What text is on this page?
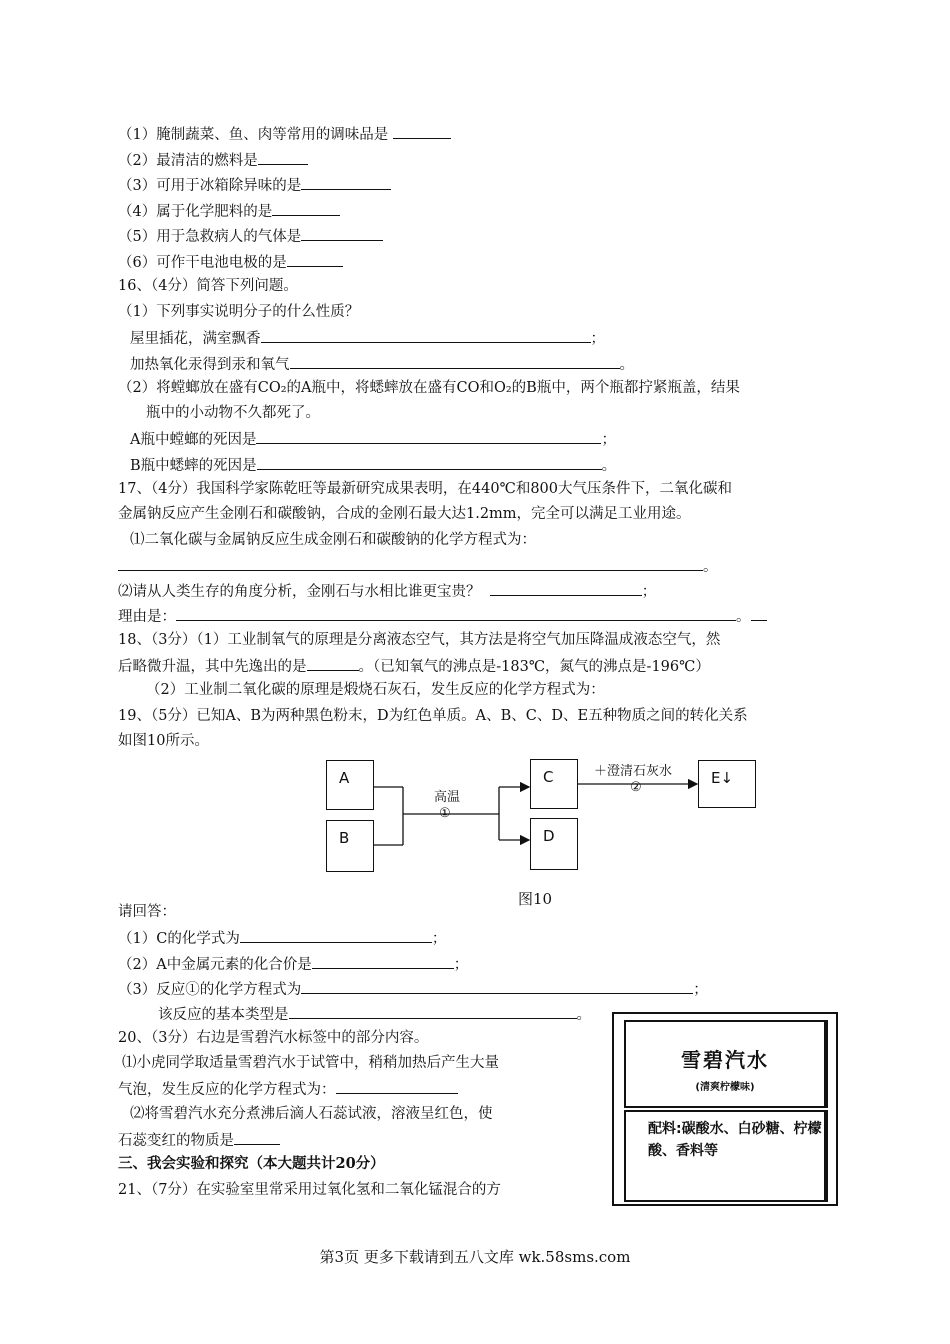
（1）腌制蔬菜、鱼、肉等常用的调味品是
（2）最清洁的燃料是
（3）可用于冰箱除异味的是
（4）属于化学肥料的是
（5）用于急救病人的气体是
（6）可作干电池电极的是
16、（4分）简答下列问题。
（1）下列事实说明分子的什么性质？
屋里插花，满室飘香	；
加热氧化汞得到汞和氧气	。
（2）将螳螂放在盛有CO₂的A瓶中，将蟋蟀放在盛有CO和O₂的B瓶中，两个瓶都拧紧瓶盖，结果
瓶中的小动物不久都死了。
A瓶中螳螂的死因是	；
B瓶中蟋蟀的死因是	。
17、（4分）我国科学家陈乾旺等最新研究成果表明，在440℃和800大气压条件下，二氧化碳和
金属钠反应产生金刚石和碳酸钠，合成的金刚石最大达1.2mm，完全可以满足工业用途。
⑴二氧化碳与金属钠反应生成金刚石和碳酸钠的化学方程式为：
。
⑵请从人类生存的角度分析，金刚石与水相比谁更宝贵？	；
理由是：	。
18、（3分）（1）工业制氧气的原理是分离液态空气，其方法是将空气加压降温成液态空气，然
后略微升温，其中先逸出的是	。（已知氧气的沸点是-183℃，氮气的沸点是-196℃）
（2）工业制二氧化碳的原理是煅烧石灰石，发生反应的化学方程式为：
19、（5分）已知A、B为两种黑色粉末，D为红色单质。A、B、C、D、E五种物质之间的转化关系
如图10所示。
A
B
C
D
E↓
高温
①
＋澄清石灰水
②
图10
请回答：
（1）C的化学式为	；
（2）A中金属元素的化合价是	；
（3）反应①的化学方程式为	；
该反应的基本类型是	。
20、（3分）右边是雪碧汽水标签中的部分内容。
⑴小虎同学取适量雪碧汽水于试管中，稍稍加热后产生大量
气泡，发生反应的化学方程式为：
⑵将雪碧汽水充分煮沸后滴人石蕊试液，溶液呈红色，使
石蕊变红的物质是
雪碧汽水
(清爽柠檬味)
配料:碳酸水、白砂糖、柠檬酸、香料等
三、我会实验和探究（本大题共计20分）
21、（7分）在实验室里常采用过氧化氢和二氧化锰混合的方
第3页 更多下载请到五八文库 wk.58sms.com
